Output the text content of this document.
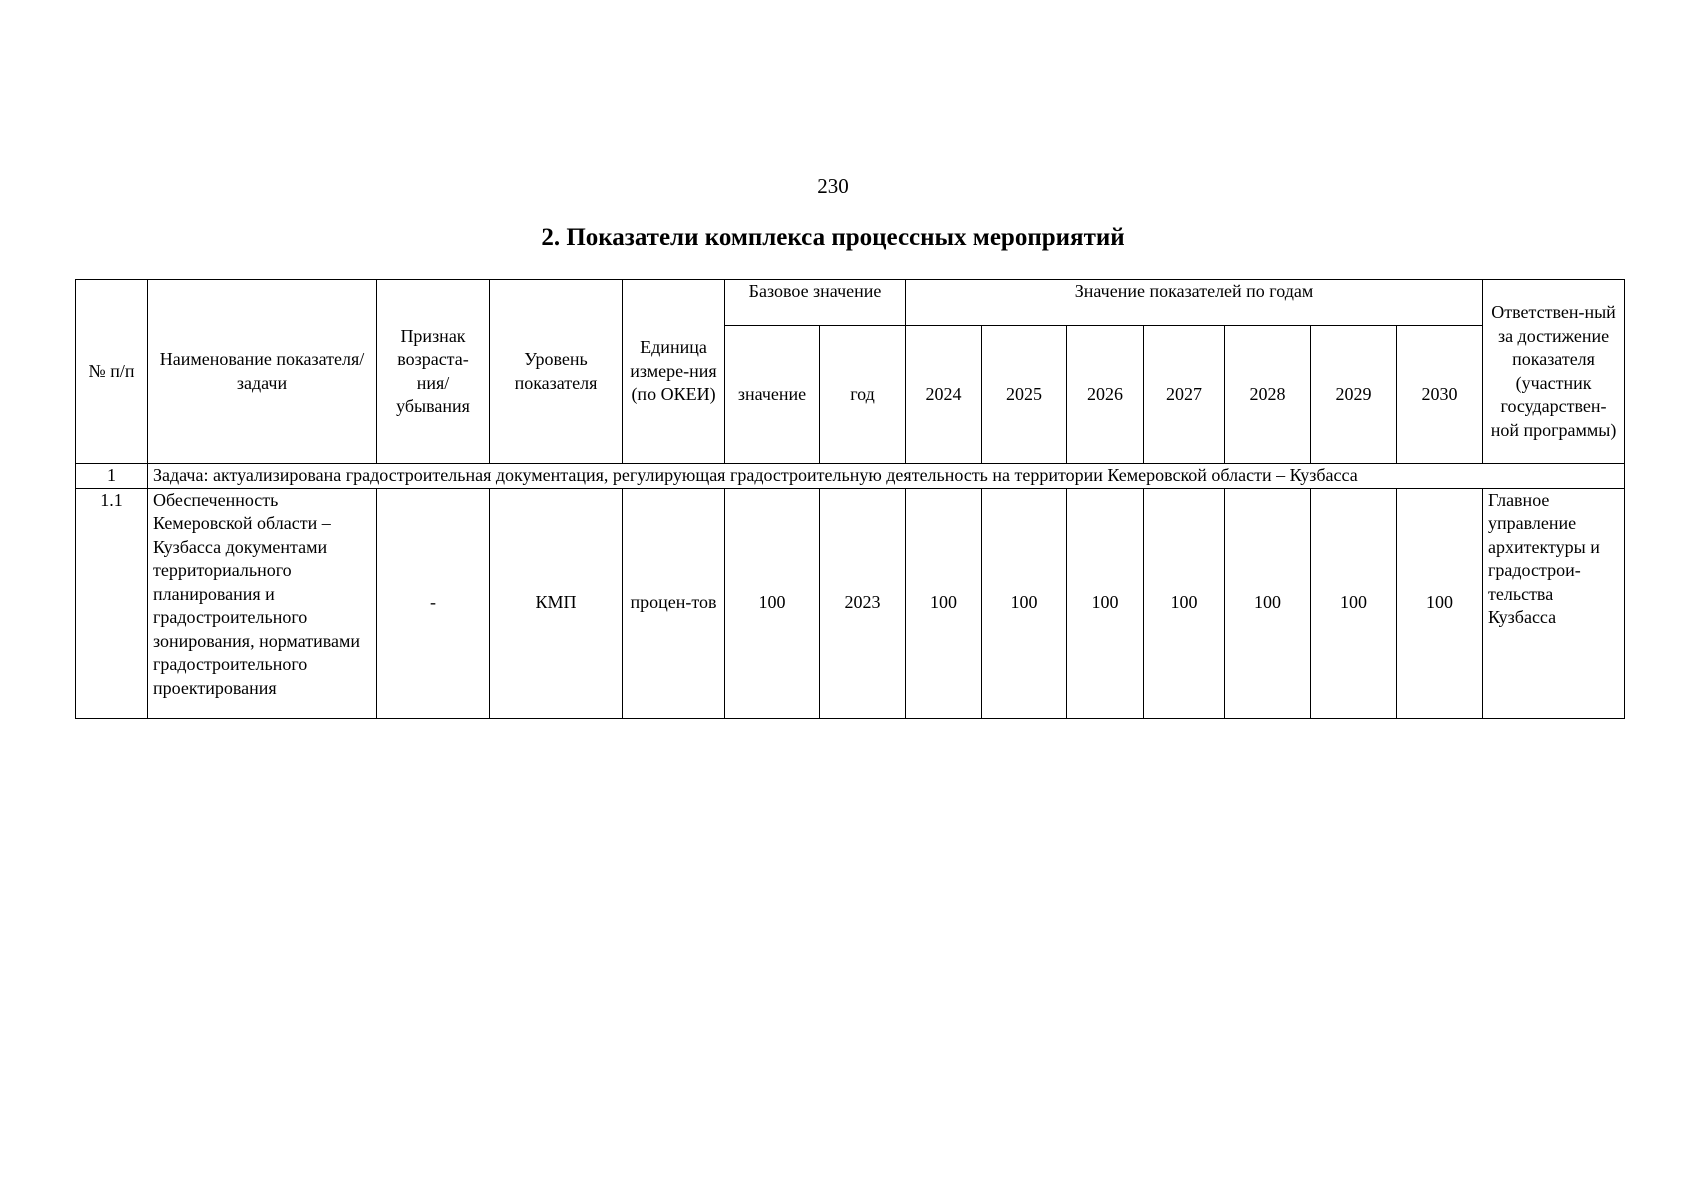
230
2. Показатели комплекса процессных мероприятий
№ п/п	Наименование показателя/задачи	Признак возраста-ния/ убывания	Уровень показателя	Единица измере-ния (по ОКЕИ)	Базовое значение		Значение показателей по годам							Ответствен-ный за достижение показателя (участник государствен-ной программы)
					значение	год	2024	2025	2026	2027	2028	2029	2030	
1	Задача: актуализирована градостроительная документация, регулирующая градостроительную деятельность на территории Кемеровской области – Кузбасса													
1.1	Обеспеченность Кемеровской области – Кузбасса документами территориального планирования и градостроительного зонирования, нормативами градостроительного проектирования	-	КМП	процен-тов	100	2023	100	100	100	100	100	100	100	Главное управление архитектуры и градострои-тельства Кузбасса
